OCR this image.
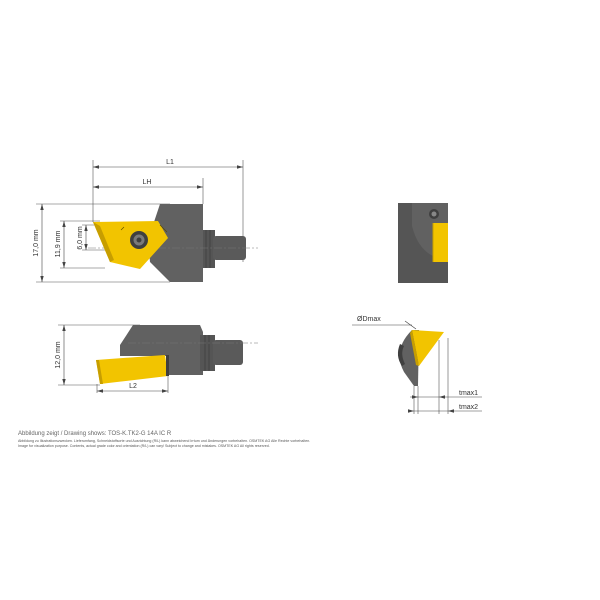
L1
LH
17,0 mm 11,9 mm 6,0 mm
12,0 mm
L2
ØDmax
tmax1
tmax2
Abbildung zeigt / Drawing shows: TOS-K.TK2-G 14A IC R
Abbildung zu Illustrationszwecken. Lieferumfang, Schneidstoffsorte und Ausrichtung (R/L) kann abweichend Irrtum und Änderungen vorbehalten. OSMTEK AG Alle Rechte vorbehalten.
Image for visualization purpose. Contents, actual grade color and orientation (R/L) can vary! Subject to change and mistakes. OSMTEK AG All rights reserved.
